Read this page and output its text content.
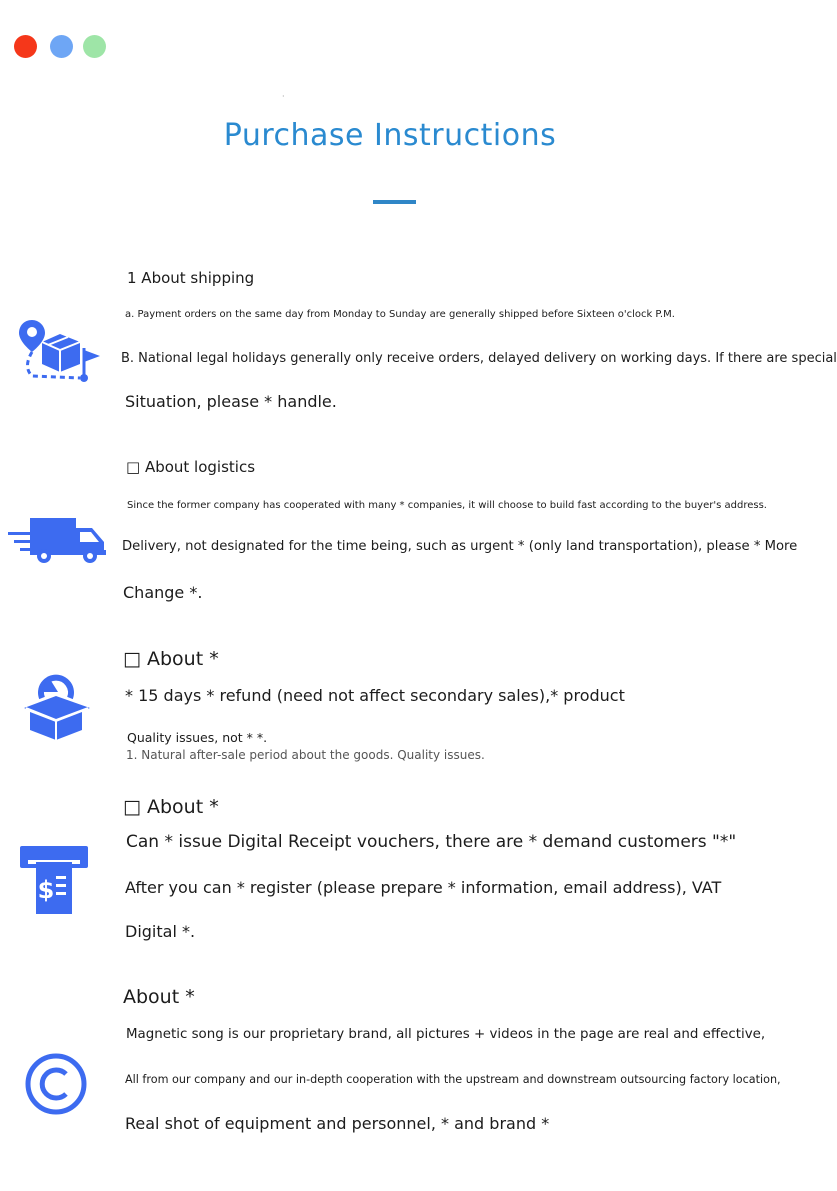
·
Purchase Instructions
1 About shipping
a. Payment orders on the same day from Monday to Sunday are generally shipped before Sixteen o'clock P.M.
B. National legal holidays generally only receive orders, delayed delivery on working days. If there are special
Situation, please * handle.
□ About logistics
Since the former company has cooperated with many * companies, it will choose to build fast according to the buyer's address.
Delivery, not designated for the time being, such as urgent * (only land transportation), please * More
Change *.
□ About *
* 15 days * refund (need not affect secondary sales),* product
Quality issues, not * *.
1. Natural after-sale period about the goods. Quality issues.
$
□ About *
Can * issue Digital Receipt vouchers, there are * demand customers "*"
After you can * register (please prepare * information, email address), VAT
Digital *.
About *
Magnetic song is our proprietary brand, all pictures + videos in the page are real and effective,
All from our company and our in-depth cooperation with the upstream and downstream outsourcing factory location,
Real shot of equipment and personnel, * and brand *
